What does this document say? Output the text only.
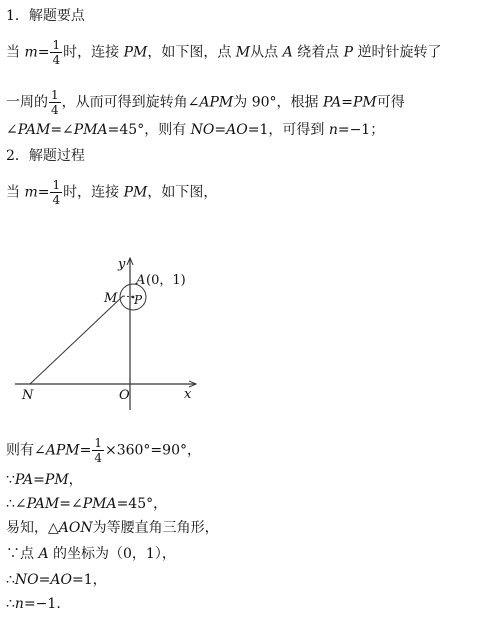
1．解题要点
当 $m= \frac{1}{4}$ 时，连接 PM，如下图，点 M从点 A 绕着点 P 逆时针旋转了
一周的 $\frac{1}{4}$ ，从而可得到旋转角∠APM为 90°，根据 PA=PM可得
∠PAM=∠PMA=45°，则有 NO=AO=1，可得到 n=−1；
2．解题过程
当 $m= \frac{1}{4}$ 时，连接 PM，如下图，
y
x
A (0，1)
M P
N	O
则有∠APM= $\frac{1}{4} \times 360^\circ=90^\circ$，
∵PA=PM，
∴∠PAM=∠PMA=45°，
易知，△AON为等腰直角三角形，
∵点 A 的坐标为（0，1），
∴NO=AO=1，
∴n=−1.
